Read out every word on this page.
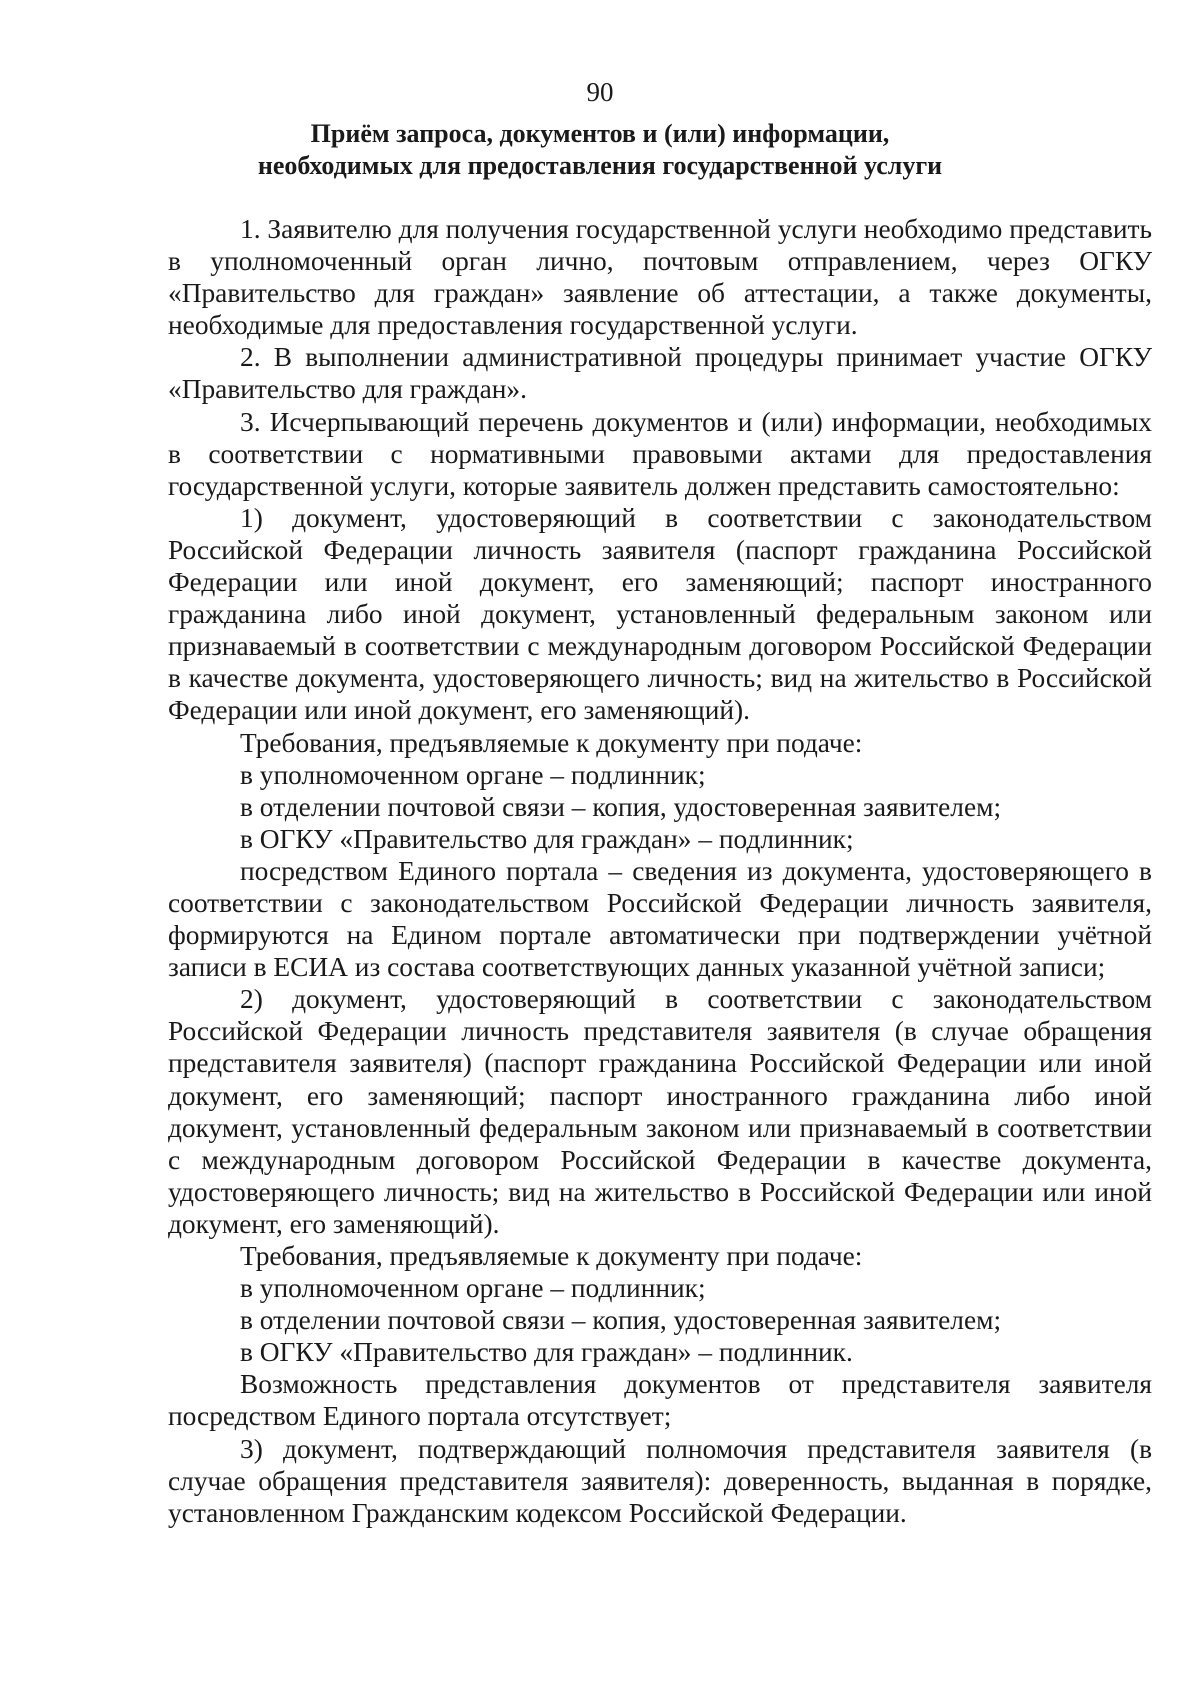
90

Приём запроса, документов и (или) информации,
необходимых для предоставления государственной услуги

1. Заявителю для получения государственной услуги необходимо представить в уполномоченный орган лично, почтовым отправлением, через ОГКУ «Правительство для граждан» заявление об аттестации, а также документы, необходимые для предоставления государственной услуги.

2. В выполнении административной процедуры принимает участие ОГКУ «Правительство для граждан».

3. Исчерпывающий перечень документов и (или) информации, необходимых в соответствии с нормативными правовыми актами для предоставления государственной услуги, которые заявитель должен представить самостоятельно:

1) документ, удостоверяющий в соответствии с законодательством Российской Федерации личность заявителя (паспорт гражданина Российской Федерации или иной документ, его заменяющий; паспорт иностранного гражданина либо иной документ, установленный федеральным законом или признаваемый в соответствии с международным договором Российской Федерации в качестве документа, удостоверяющего личность; вид на жительство в Российской Федерации или иной документ, его заменяющий).

Требования, предъявляемые к документу при подаче:

в уполномоченном органе – подлинник;

в отделении почтовой связи – копия, удостоверенная заявителем;

в ОГКУ «Правительство для граждан» – подлинник;

посредством Единого портала – сведения из документа, удостоверяющего в соответствии с законодательством Российской Федерации личность заявителя, формируются на Едином портале автоматически при подтверждении учётной записи в ЕСИА из состава соответствующих данных указанной учётной записи;

2) документ, удостоверяющий в соответствии с законодательством Российской Федерации личность представителя заявителя (в случае обращения представителя заявителя) (паспорт гражданина Российской Федерации или иной документ, его заменяющий; паспорт иностранного гражданина либо иной документ, установленный федеральным законом или признаваемый в соответствии с международным договором Российской Федерации в качестве документа, удостоверяющего личность; вид на жительство в Российской Федерации или иной документ, его заменяющий).

Требования, предъявляемые к документу при подаче:

в уполномоченном органе – подлинник;

в отделении почтовой связи – копия, удостоверенная заявителем;

в ОГКУ «Правительство для граждан» – подлинник.

Возможность представления документов от представителя заявителя посредством Единого портала отсутствует;

3) документ, подтверждающий полномочия представителя заявителя (в случае обращения представителя заявителя): доверенность, выданная в порядке, установленном Гражданским кодексом Российской Федерации.
